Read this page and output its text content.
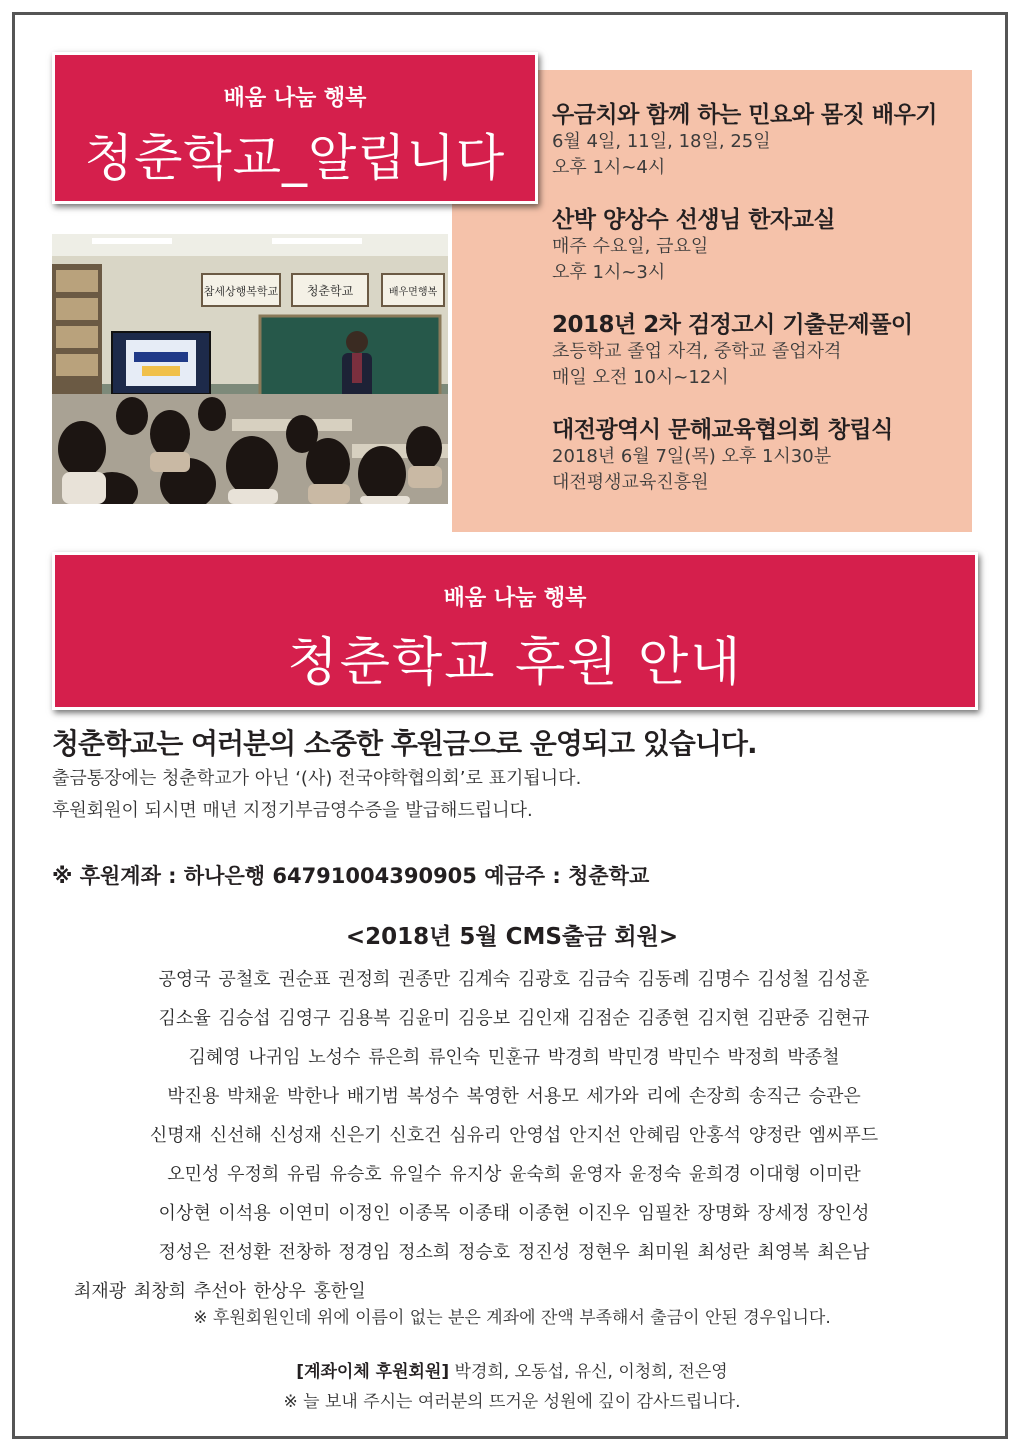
배움 나눔 행복
청춘학교_알립니다
우금치와 함께 하는 민요와 몸짓 배우기
6월 4일, 11일, 18일, 25일
오후 1시~4시
산박 양상수 선생님 한자교실
매주 수요일, 금요일
오후 1시~3시
2018년 2차 검정고시 기출문제풀이
초등학교 졸업 자격, 중학교 졸업자격
매일 오전 10시~12시
대전광역시 문해교육협의회 창립식
2018년 6월 7일(목) 오후 1시30분
대전평생교육진흥원
참세상행복학교 청춘학교	배우면행복
배움 나눔 행복
청춘학교 후원 안내
청춘학교는 여러분의 소중한 후원금으로 운영되고 있습니다.
출금통장에는 청춘학교가 아닌 ‘(사) 전국야학협의회’로 표기됩니다.
후원회원이 되시면 매년 지정기부금영수증을 발급해드립니다.
※ 후원계좌 : 하나은행 64791004390905 예금주 : 청춘학교
<2018년 5월 CMS출금 회원>
공영국 공철호 권순표 권정희 권종만 김계숙 김광호 김금숙 김동례 김명수 김성철 김성훈
김소율 김승섭 김영구 김용복 김윤미 김응보 김인재 김점순 김종현 김지현 김판중 김현규
김혜영 나귀임 노성수 류은희 류인숙 민훈규 박경희 박민경 박민수 박정희 박종철
박진용 박채윤 박한나 배기범 복성수 복영한 서용모 세가와 리에 손장희 송직근 승관은
신명재 신선해 신성재 신은기 신호건 심유리 안영섭 안지선 안혜림 안홍석 양정란 엠씨푸드
오민성 우정희 유림 유승호 유일수 유지상 윤숙희 윤영자 윤정숙 윤희경 이대형 이미란
이상현 이석용 이연미 이정인 이종목 이종태 이종현 이진우 임필찬 장명화 장세정 장인성
정성은 전성환 전창하 정경임 정소희 정승호 정진성 정현우 최미원 최성란 최영복 최은남
최재광 최창희 추선아 한상우 홍한일
※ 후원회원인데 위에 이름이 없는 분은 계좌에 잔액 부족해서 출금이 안된 경우입니다.
[계좌이체 후원회원] 박경희, 오동섭, 유신, 이청희, 전은영
※ 늘 보내 주시는 여러분의 뜨거운 성원에 깊이 감사드립니다.
